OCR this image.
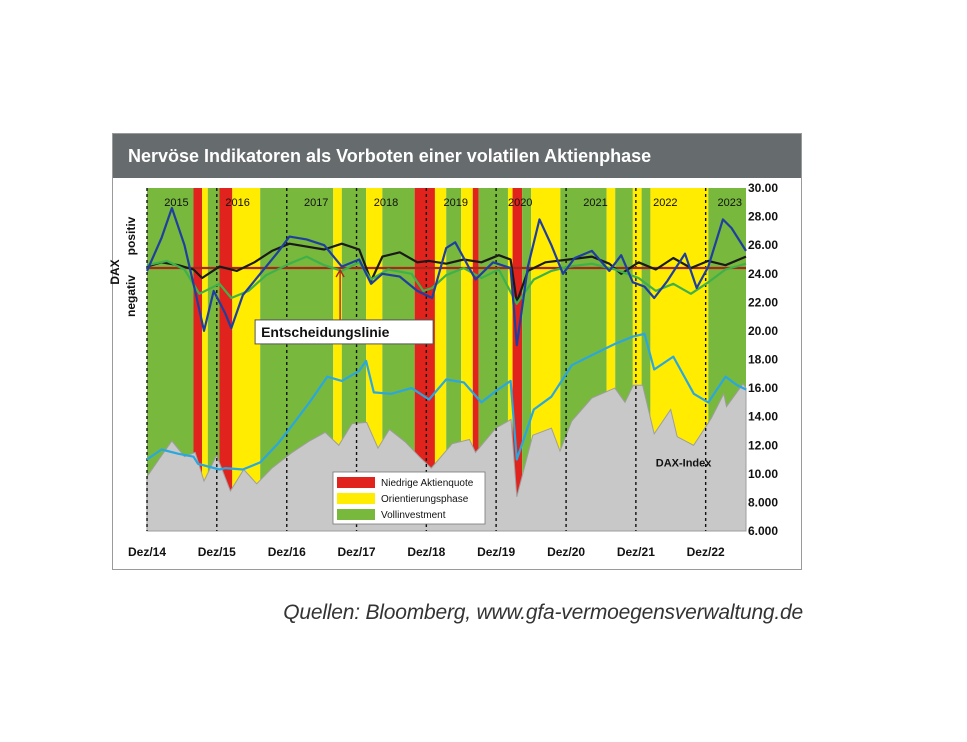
Nervöse Indikatoren als Vorboten einer volatilen Aktienphase
Entscheidungslinie
2015	2016	2017	2018	2019	2020	2021	2022	2023
6.000
8.000
10.00
12.00
14.00
16.00
18.00
20.00
22.00
24.00
26.00
28.00
30.00
Dez/14	Dez/15	Dez/16	Dez/17	Dez/18	Dez/19	Dez/20	Dez/21	Dez/22
positiv
negativ
DAX
Niedrige Aktienquote
Orientierungsphase
Vollinvestment
DAX-Index
Quellen: Bloomberg, www.gfa-vermoegensverwaltung.de
